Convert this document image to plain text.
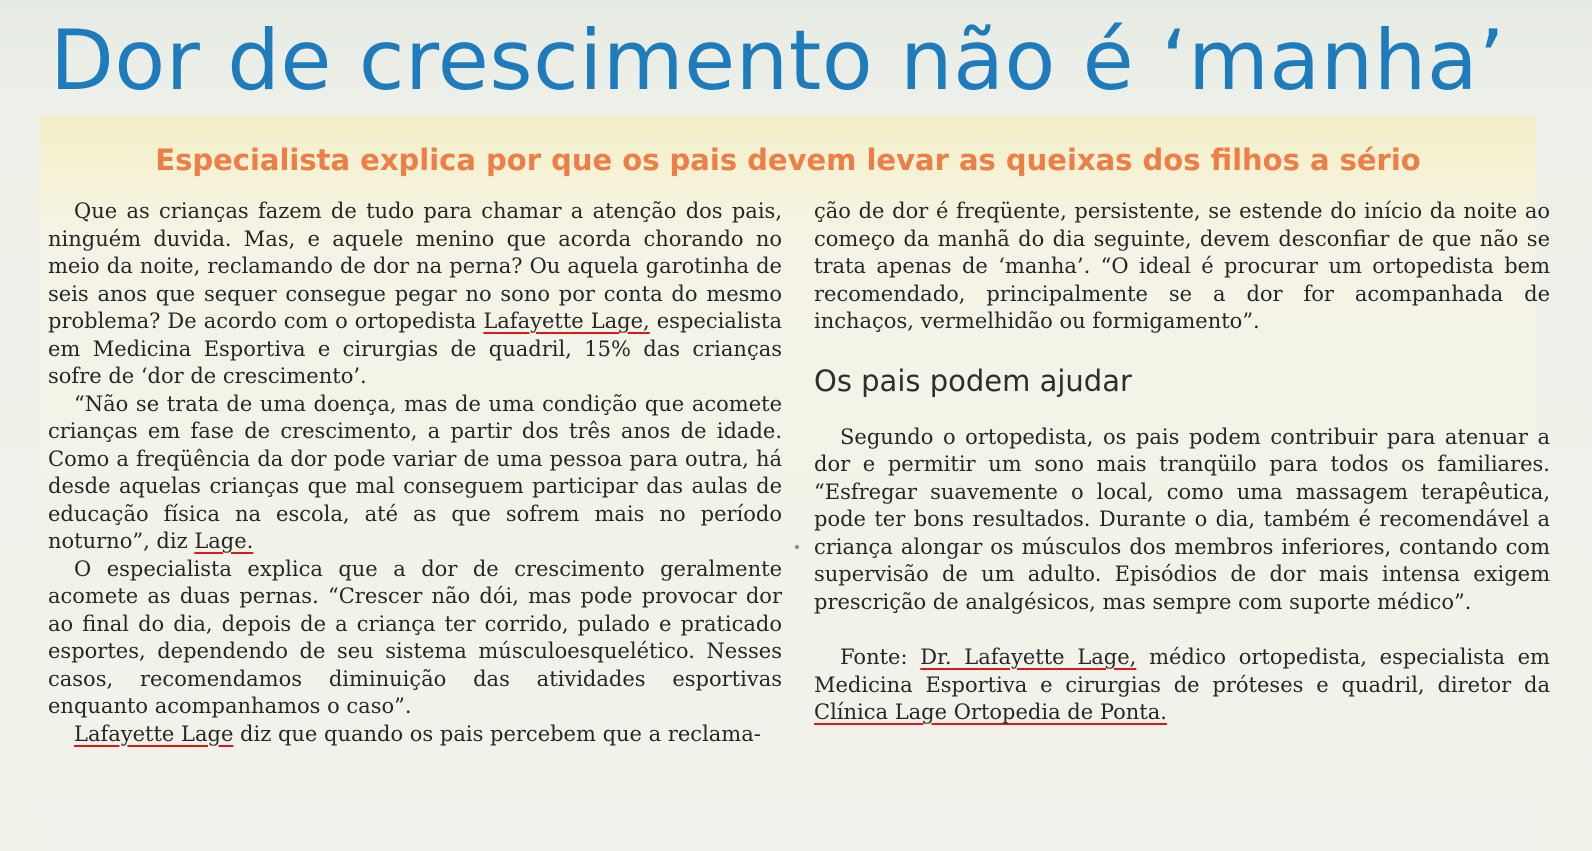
Dor de crescimento não é ‘manha’
Especialista explica por que os pais devem levar as queixas dos filhos a sério

Que as crianças fazem de tudo para chamar a atenção dos pais, ninguém duvida. Mas, e aquele menino que acorda chorando no meio da noite, reclamando de dor na perna? Ou aquela garotinha de seis anos que sequer consegue pegar no sono por conta do mesmo problema? De acordo com o ortopedista Lafayette Lage, especialista em Medicina Esportiva e cirurgias de quadril, 15% das crianças sofre de ‘dor de crescimento’.

“Não se trata de uma doença, mas de uma condição que acomete crianças em fase de crescimento, a partir dos três anos de idade. Como a freqüência da dor pode variar de uma pessoa para outra, há desde aquelas crianças que mal conseguem participar das aulas de educação física na escola, até as que sofrem mais no período noturno”, diz Lage.

O especialista explica que a dor de crescimento geralmente acomete as duas pernas. “Crescer não dói, mas pode provocar dor ao final do dia, depois de a criança ter corrido, pulado e praticado esportes, dependendo de seu sistema músculoesquelético. Nesses casos, recomendamos diminuição das atividades esportivas enquanto acompanhamos o caso”.

Lafayette Lage diz que quando os pais percebem que a reclama-

ção de dor é freqüente, persistente, se estende do início da noite ao começo da manhã do dia seguinte, devem desconfiar de que não se trata apenas de ‘manha’. “O ideal é procurar um ortopedista bem recomendado, principalmente se a dor for acompanhada de inchaços, vermelhidão ou formigamento”.

Os pais podem ajudar

Segundo o ortopedista, os pais podem contribuir para atenuar a dor e permitir um sono mais tranqüilo para todos os familiares. “Esfregar suavemente o local, como uma massagem terapêutica, pode ter bons resultados. Durante o dia, também é recomendável a criança alongar os músculos dos membros inferiores, contando com supervisão de um adulto. Episódios de dor mais intensa exigem prescrição de analgésicos, mas sempre com suporte médico”.

Fonte: Dr. Lafayette Lage, médico ortopedista, especialista em Medicina Esportiva e cirurgias de próteses e quadril, diretor da Clínica Lage Ortopedia de Ponta.
